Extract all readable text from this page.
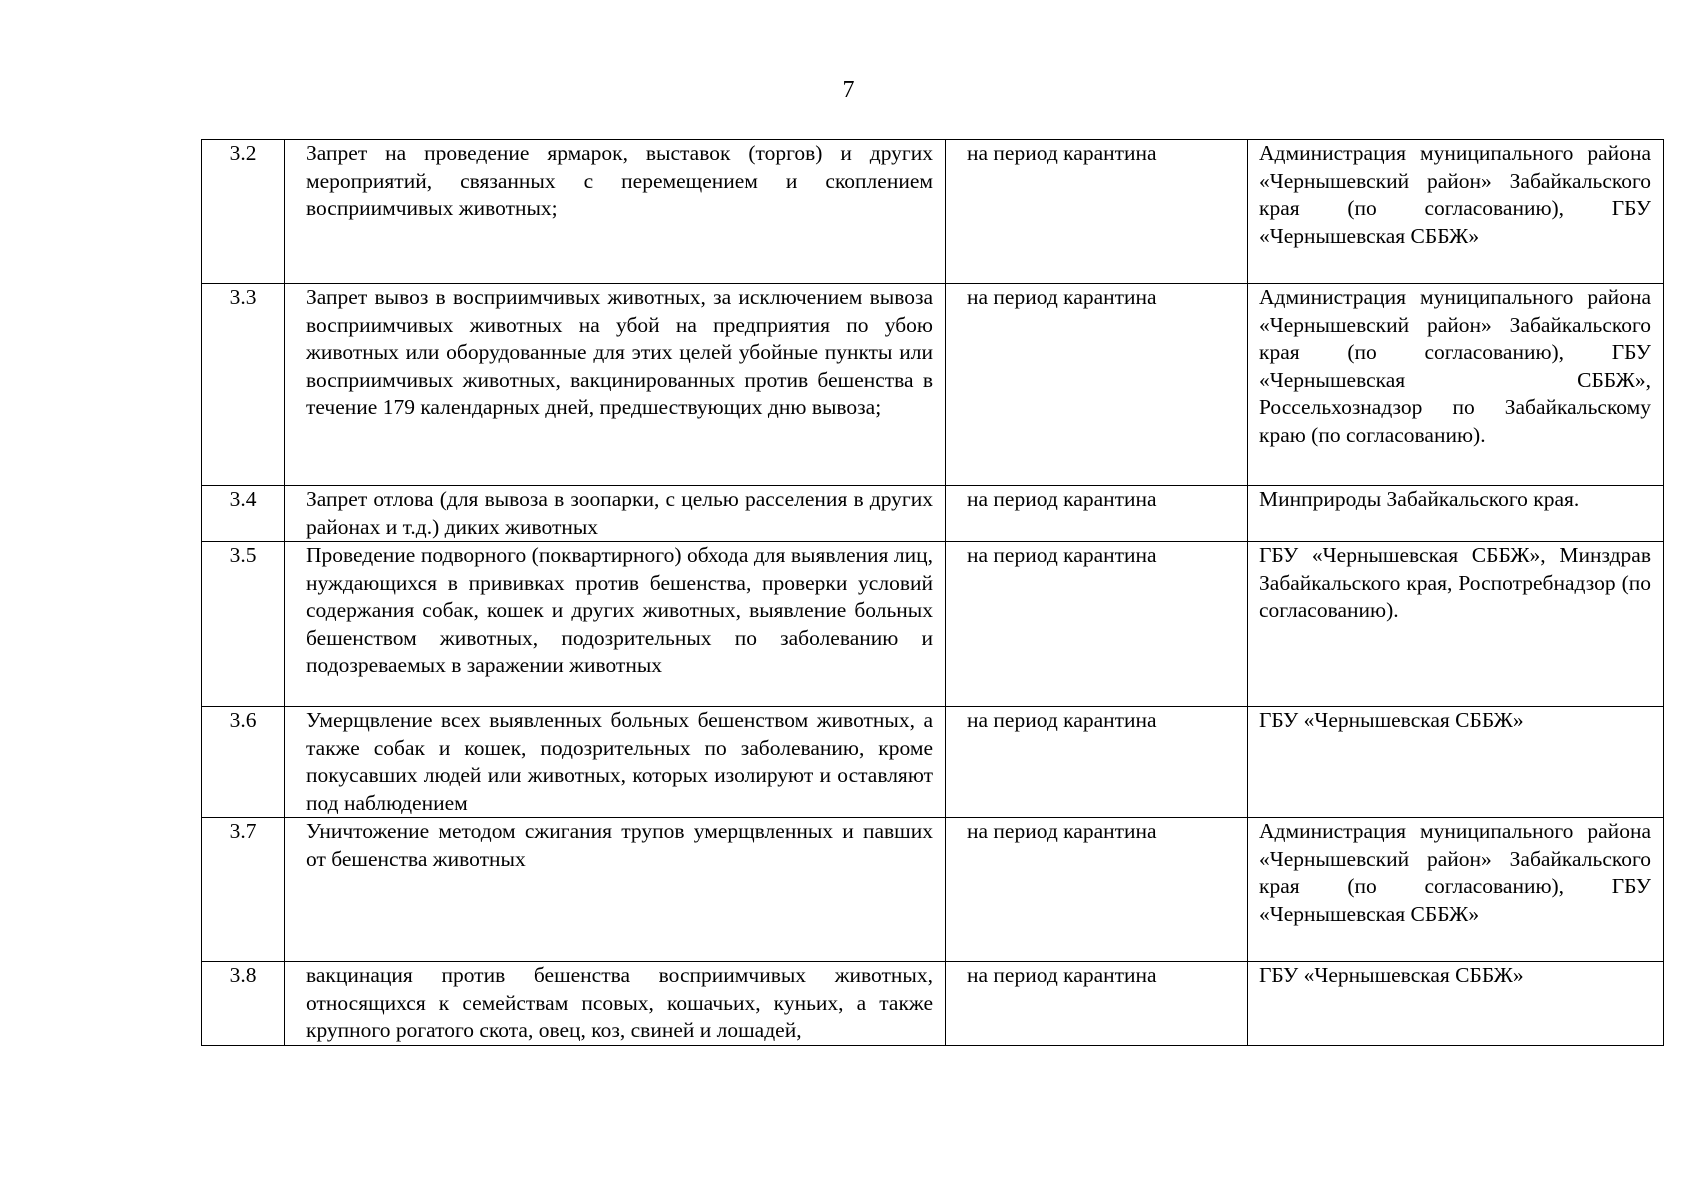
7
3.2	Запрет на проведение ярмарок, выставок (торгов) и других мероприятий, связанных с перемещением и скоплением восприимчивых животных;	на период карантина	Администрация муниципального района «Чернышевский район» Забайкальского края (по согласованию), ГБУ «Чернышевская СББЖ»
3.3	Запрет вывоз в восприимчивых животных, за исключением вывоза восприимчивых животных на убой на предприятия по убою животных или оборудованные для этих целей убойные пункты или восприимчивых животных, вакцинированных против бешенства в течение 179 календарных дней, предшествующих дню вывоза;	на период карантина	Администрация муниципального района «Чернышевский район» Забайкальского края (по согласованию), ГБУ «Чернышевская СББЖ», Россельхознадзор по Забайкальскому краю (по согласованию).
3.4	Запрет отлова (для вывоза в зоопарки, с целью расселения в других районах и т.д.) диких животных	на период карантина	Минприроды Забайкальского края.
3.5	Проведение подворного (поквартирного) обхода для выявления лиц, нуждающихся в прививках против бешенства, проверки условий содержания собак, кошек и других животных, выявление больных бешенством животных, подозрительных по заболеванию и подозреваемых в заражении животных	на период карантина	ГБУ «Чернышевская СББЖ», Минздрав Забайкальского края, Роспотребнадзор (по согласованию).
3.6	Умерщвление всех выявленных больных бешенством животных, а также собак и кошек, подозрительных по заболеванию, кроме покусавших людей или животных, которых изолируют и оставляют под наблюдением	на период карантина	ГБУ «Чернышевская СББЖ»
3.7	Уничтожение методом сжигания трупов умерщвленных и павших от бешенства животных	на период карантина	Администрация муниципального района «Чернышевский район» Забайкальского края (по согласованию), ГБУ «Чернышевская СББЖ»
3.8	вакцинация против бешенства восприимчивых животных, относящихся к семействам псовых, кошачьих, куньих, а также крупного рогатого скота, овец, коз, свиней и лошадей,	на период карантина	ГБУ «Чернышевская СББЖ»
